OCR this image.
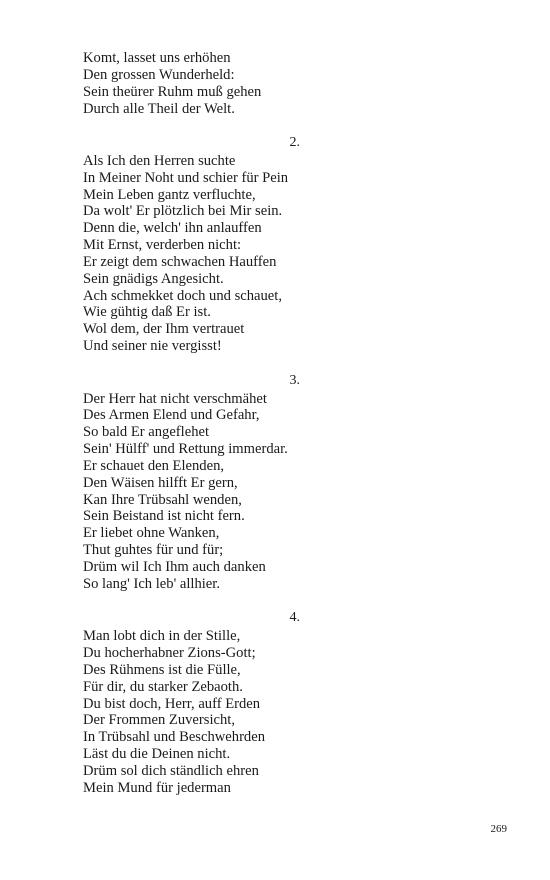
Komt, lasset uns erhöhen

Den grossen Wunderheld:

Sein theürer Ruhm muß gehen

Durch alle Theil der Welt.

2.

Als Ich den Herren suchte

In Meiner Noht und schier für Pein

Mein Leben gantz verfluchte,

Da wolt' Er plötzlich bei Mir sein.

Denn die, welch' ihn anlauffen

Mit Ernst, verderben nicht:

Er zeigt dem schwachen Hauffen

Sein gnädigs Angesicht.

Ach schmekket doch und schauet,

Wie gühtig daß Er ist.

Wol dem, der Ihm vertrauet

Und seiner nie vergisst!

3.

Der Herr hat nicht verschmähet

Des Armen Elend und Gefahr,

So bald Er angeflehet

Sein' Hülff' und Rettung immerdar.

Er schauet den Elenden,

Den Wäisen hilfft Er gern,

Kan Ihre Trübsahl wenden,

Sein Beistand ist nicht fern.

Er liebet ohne Wanken,

Thut guhtes für und für;

Drüm wil Ich Ihm auch danken

So lang' Ich leb' allhier.

4.

Man lobt dich in der Stille,

Du hocherhabner Zions-Gott;

Des Rühmens ist die Fülle,

Für dir, du starker Zebaoth.

Du bist doch, Herr, auff Erden

Der Frommen Zuversicht,

In Trübsahl und Beschwehrden

Läst du die Deinen nicht.

Drüm sol dich ständlich ehren

Mein Mund für jederman

269
